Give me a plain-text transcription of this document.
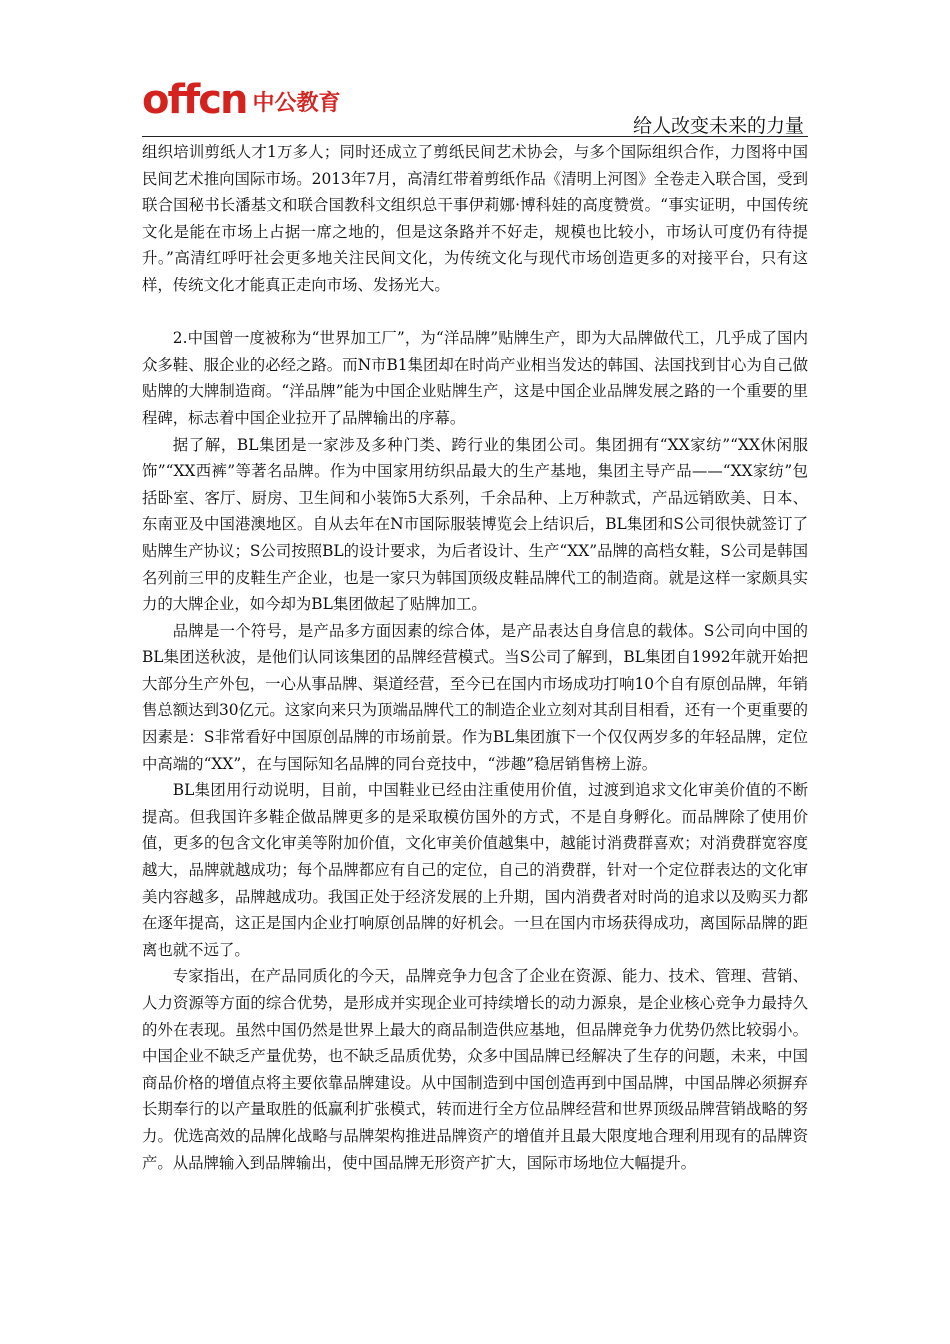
offcn 中公教育
给人改变未来的力量

组织培训剪纸人才1万多人；同时还成立了剪纸民间艺术协会，与多个国际组织合作，力图将中国民间艺术推向国际市场。2013年7月，高清红带着剪纸作品《清明上河图》全卷走入联合国，受到联合国秘书长潘基文和联合国教科文组织总干事伊莉娜·博科娃的高度赞赏。“事实证明，中国传统文化是能在市场上占据一席之地的，但是这条路并不好走，规模也比较小，市场认可度仍有待提升。”高清红呼吁社会更多地关注民间文化，为传统文化与现代市场创造更多的对接平台，只有这样，传统文化才能真正走向市场、发扬光大。

2.中国曾一度被称为“世界加工厂”，为“洋品牌”贴牌生产，即为大品牌做代工，几乎成了国内众多鞋、服企业的必经之路。而N市B1集团却在时尚产业相当发达的韩国、法国找到甘心为自己做贴牌的大牌制造商。“洋品牌”能为中国企业贴牌生产，这是中国企业品牌发展之路的一个重要的里程碑，标志着中国企业拉开了品牌输出的序幕。

据了解，BL集团是一家涉及多种门类、跨行业的集团公司。集团拥有“XX家纺”“XX休闲服饰”“XX西裤”等著名品牌。作为中国家用纺织品最大的生产基地，集团主导产品——“XX家纺”包括卧室、客厅、厨房、卫生间和小装饰5大系列，千余品种、上万种款式，产品远销欧美、日本、东南亚及中国港澳地区。自从去年在N市国际服装博览会上结识后，BL集团和S公司很快就签订了贴牌生产协议；S公司按照BL的设计要求，为后者设计、生产“XX”品牌的高档女鞋，S公司是韩国名列前三甲的皮鞋生产企业，也是一家只为韩国顶级皮鞋品牌代工的制造商。就是这样一家颇具实力的大牌企业，如今却为BL集团做起了贴牌加工。

品牌是一个符号，是产品多方面因素的综合体，是产品表达自身信息的载体。S公司向中国的BL集团送秋波，是他们认同该集团的品牌经营模式。当S公司了解到，BL集团自1992年就开始把大部分生产外包，一心从事品牌、渠道经营，至今已在国内市场成功打响10个自有原创品牌，年销售总额达到30亿元。这家向来只为顶端品牌代工的制造企业立刻对其刮目相看，还有一个更重要的因素是：S非常看好中国原创品牌的市场前景。作为BL集团旗下一个仅仅两岁多的年轻品牌，定位中高端的“XX”，在与国际知名品牌的同台竞技中，“涉趣”稳居销售榜上游。

BL集团用行动说明，目前，中国鞋业已经由注重使用价值，过渡到追求文化审美价值的不断提高。但我国许多鞋企做品牌更多的是采取模仿国外的方式，不是自身孵化。而品牌除了使用价值，更多的包含文化审美等附加价值，文化审美价值越集中，越能讨消费群喜欢；对消费群宽容度越大，品牌就越成功；每个品牌都应有自己的定位，自己的消费群，针对一个定位群表达的文化审美内容越多，品牌越成功。我国正处于经济发展的上升期，国内消费者对时尚的追求以及购买力都在逐年提高，这正是国内企业打响原创品牌的好机会。一旦在国内市场获得成功，离国际品牌的距离也就不远了。

专家指出，在产品同质化的今天，品牌竞争力包含了企业在资源、能力、技术、管理、营销、人力资源等方面的综合优势，是形成并实现企业可持续增长的动力源泉，是企业核心竞争力最持久的外在表现。虽然中国仍然是世界上最大的商品制造供应基地，但品牌竞争力优势仍然比较弱小。中国企业不缺乏产量优势，也不缺乏品质优势，众多中国品牌已经解决了生存的问题，未来，中国商品价格的增值点将主要依靠品牌建设。从中国制造到中国创造再到中国品牌，中国品牌必须摒弃长期奉行的以产量取胜的低赢利扩张模式，转而进行全方位品牌经营和世界顶级品牌营销战略的努力。优选高效的品牌化战略与品牌架构推进品牌资产的增值并且最大限度地合理利用现有的品牌资产。从品牌输入到品牌输出，使中国品牌无形资产扩大，国际市场地位大幅提升。
